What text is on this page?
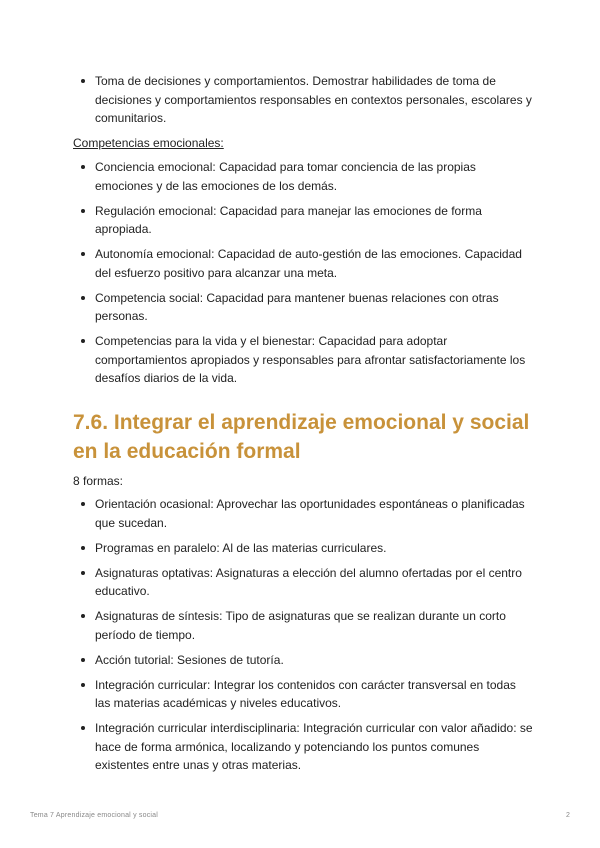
Toma de decisiones y comportamientos. Demostrar habilidades de toma de decisiones y comportamientos responsables en contextos personales, escolares y comunitarios.
Competencias emocionales:
Conciencia emocional: Capacidad para tomar conciencia de las propias emociones y de las emociones de los demás.
Regulación emocional: Capacidad para manejar las emociones de forma apropiada.
Autonomía emocional: Capacidad de auto-gestión de las emociones. Capacidad del esfuerzo positivo para alcanzar una meta.
Competencia social: Capacidad para mantener buenas relaciones con otras personas.
Competencias para la vida y el bienestar: Capacidad para adoptar comportamientos apropiados y responsables para afrontar satisfactoriamente los desafíos diarios de la vida.
7.6. Integrar el aprendizaje emocional y social en la educación formal
8 formas:
Orientación ocasional: Aprovechar las oportunidades espontáneas o planificadas que sucedan.
Programas en paralelo: Al de las materias curriculares.
Asignaturas optativas: Asignaturas a elección del alumno ofertadas por el centro educativo.
Asignaturas de síntesis: Tipo de asignaturas que se realizan durante un corto período de tiempo.
Acción tutorial: Sesiones de tutoría.
Integración curricular: Integrar los contenidos con carácter transversal en todas las materias académicas y niveles educativos.
Integración curricular interdisciplinaria: Integración curricular con valor añadido: se hace de forma armónica, localizando y potenciando los puntos comunes existentes entre unas y otras materias.
Tema 7 Aprendizaje emocional y social	2
